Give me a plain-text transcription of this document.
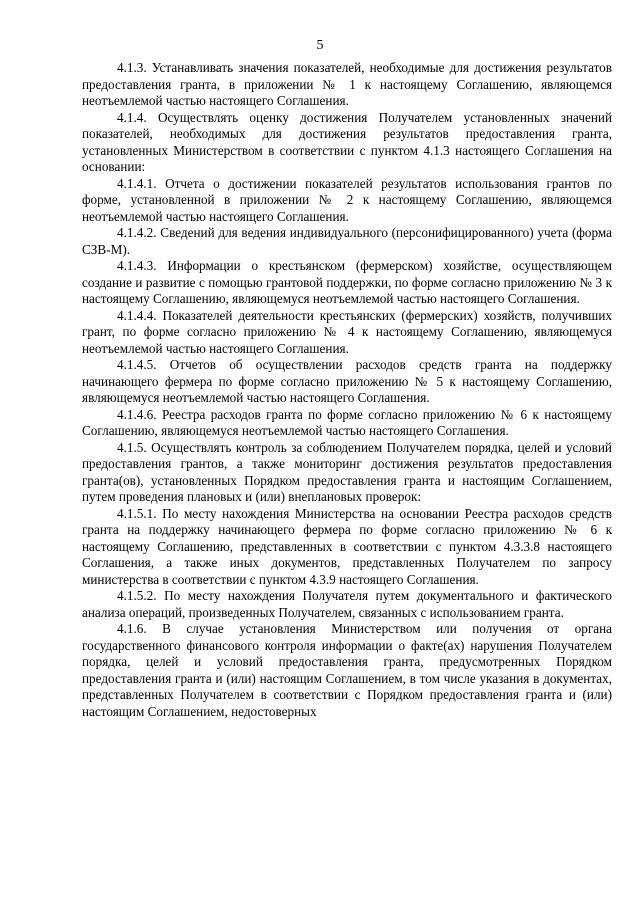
5

4.1.3. Устанавливать значения показателей, необходимые для достижения результатов предоставления гранта, в приложении № 1 к настоящему Соглашению, являющемся неотъемлемой частью настоящего Соглашения.

4.1.4. Осуществлять оценку достижения Получателем установленных значений показателей, необходимых для достижения результатов предоставления гранта, установленных Министерством в соответствии с пунктом 4.1.3 настоящего Соглашения на основании:

4.1.4.1. Отчета о достижении показателей результатов использования грантов по форме, установленной в приложении № 2 к настоящему Соглашению, являющемся неотъемлемой частью настоящего Соглашения.

4.1.4.2. Сведений для ведения индивидуального (персонифицированного) учета (форма СЗВ-М).

4.1.4.3. Информации о крестьянском (фермерском) хозяйстве, осуществляющем создание и развитие с помощью грантовой поддержки, по форме согласно приложению № 3 к настоящему Соглашению, являющемуся неотъемлемой частью настоящего Соглашения.

4.1.4.4. Показателей деятельности крестьянских (фермерских) хозяйств, получивших грант, по форме согласно приложению № 4 к настоящему Соглашению, являющемуся неотъемлемой частью настоящего Соглашения.

4.1.4.5. Отчетов об осуществлении расходов средств гранта на поддержку начинающего фермера по форме согласно приложению № 5 к настоящему Соглашению, являющемуся неотъемлемой частью настоящего Соглашения.

4.1.4.6. Реестра расходов гранта по форме согласно приложению № 6 к настоящему Соглашению, являющемуся неотъемлемой частью настоящего Соглашения.

4.1.5. Осуществлять контроль за соблюдением Получателем порядка, целей и условий предоставления грантов, а также мониторинг достижения результатов предоставления гранта(ов), установленных Порядком предоставления гранта и настоящим Соглашением, путем проведения плановых и (или) внеплановых проверок:

4.1.5.1. По месту нахождения Министерства на основании Реестра расходов средств гранта на поддержку начинающего фермера по форме согласно приложению № 6 к настоящему Соглашению, представленных в соответствии с пунктом 4.3.3.8 настоящего Соглашения, а также иных документов, представленных Получателем по запросу министерства в соответствии с пунктом 4.3.9 настоящего Соглашения.

4.1.5.2. По месту нахождения Получателя путем документального и фактического анализа операций, произведенных Получателем, связанных с использованием гранта.

4.1.6. В случае установления Министерством или получения от органа государственного финансового контроля информации о факте(ах) нарушения Получателем порядка, целей и условий предоставления гранта, предусмотренных Порядком предоставления гранта и (или) настоящим Соглашением, в том числе указания в документах, представленных Получателем в соответствии с Порядком предоставления гранта и (или) настоящим Соглашением, недостоверных
